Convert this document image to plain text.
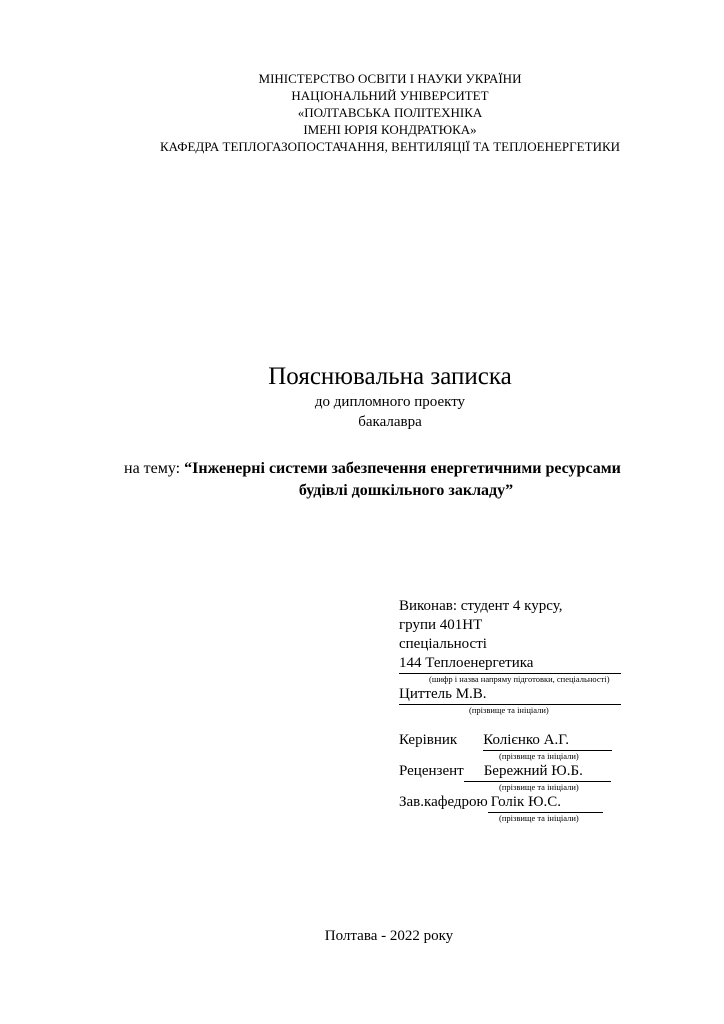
МІНІСТЕРСТВО ОСВІТИ І НАУКИ УКРАЇНИ
НАЦІОНАЛЬНИЙ УНІВЕРСИТЕТ
«ПОЛТАВСЬКА ПОЛІТЕХНІКА
ІМЕНІ ЮРІЯ КОНДРАТЮКА»
КАФЕДРА ТЕПЛОГАЗОПОСТАЧАННЯ, ВЕНТИЛЯЦІЇ ТА ТЕПЛОЕНЕРГЕТИКИ
Пояснювальна записка
до дипломного проекту
бакалавра
на тему: “Інженерні системи забезпечення енергетичними ресурсами
будівлі дошкільного закладу”
Виконав: студент 4 курсу,
групи 401НТ
спеціальності
144 Теплоенергетика
(шифр і назва напряму підготовки, спеціальності)
Циттель М.В.
(прізвище та ініціали)
Керівник Колієнко А.Г.
(прізвище та ініціали)
Рецензент Бережний Ю.Б.
(прізвище та ініціали)
Зав.кафедрою Голік Ю.С.
(прізвище та ініціали)
Полтава - 2022 року
